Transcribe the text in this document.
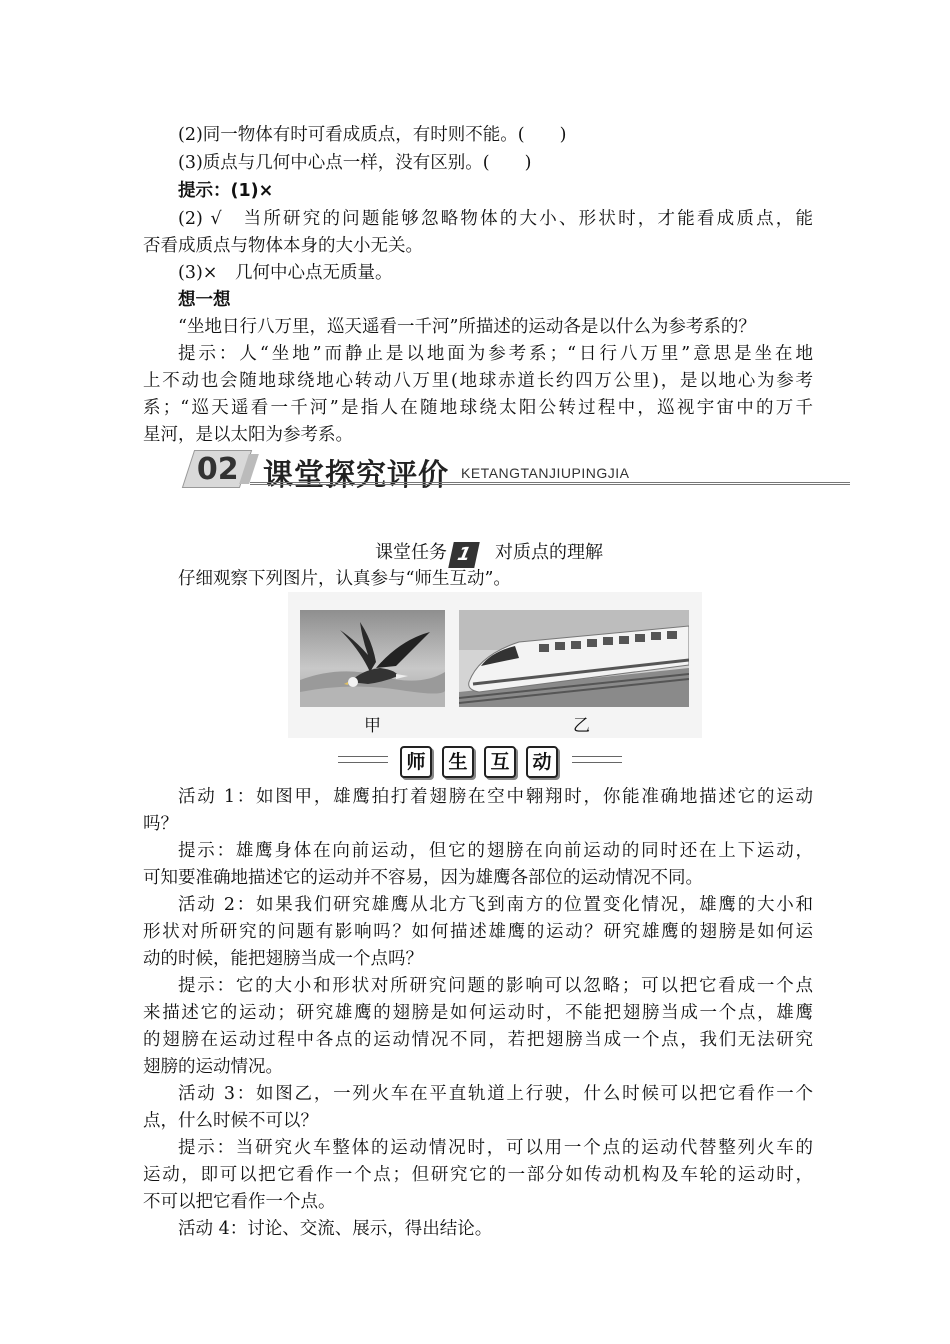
(2)同一物体有时可看成质点，有时则不能。(　　)
(3)质点与几何中心点一样，没有区别。(　　)
提示：(1)×
(2) √　当所研究的问题能够忽略物体的大小、形状时，才能看成质点，能
否看成质点与物体本身的大小无关。
(3)×　几何中心点无质量。
想一想
“坐地日行八万里，巡天遥看一千河”所描述的运动各是以什么为参考系的？
提示：人“坐地”而静止是以地面为参考系；“日行八万里”意思是坐在地
上不动也会随地球绕地心转动八万里(地球赤道长约四万公里)，是以地心为参考
系；“巡天遥看一千河”是指人在随地球绕太阳公转过程中，巡视宇宙中的万千
星河，是以太阳为参考系。
02 课堂探究评价 KETANGTANJIUPINGJIA
课堂任务 1 对质点的理解
仔细观察下列图片，认真参与“师生互动”。
甲	乙
师	生	互	动
活动 1：如图甲，雄鹰拍打着翅膀在空中翱翔时，你能准确地描述它的运动
吗？
提示：雄鹰身体在向前运动，但它的翅膀在向前运动的同时还在上下运动，
可知要准确地描述它的运动并不容易，因为雄鹰各部位的运动情况不同。
活动 2：如果我们研究雄鹰从北方飞到南方的位置变化情况，雄鹰的大小和
形状对所研究的问题有影响吗？如何描述雄鹰的运动？研究雄鹰的翅膀是如何运
动的时候，能把翅膀当成一个点吗？
提示：它的大小和形状对所研究问题的影响可以忽略；可以把它看成一个点
来描述它的运动；研究雄鹰的翅膀是如何运动时，不能把翅膀当成一个点，雄鹰
的翅膀在运动过程中各点的运动情况不同，若把翅膀当成一个点，我们无法研究
翅膀的运动情况。
活动 3：如图乙，一列火车在平直轨道上行驶，什么时候可以把它看作一个
点，什么时候不可以？
提示：当研究火车整体的运动情况时，可以用一个点的运动代替整列火车的
运动，即可以把它看作一个点；但研究它的一部分如传动机构及车轮的运动时，
不可以把它看作一个点。
活动 4：讨论、交流、展示，得出结论。
